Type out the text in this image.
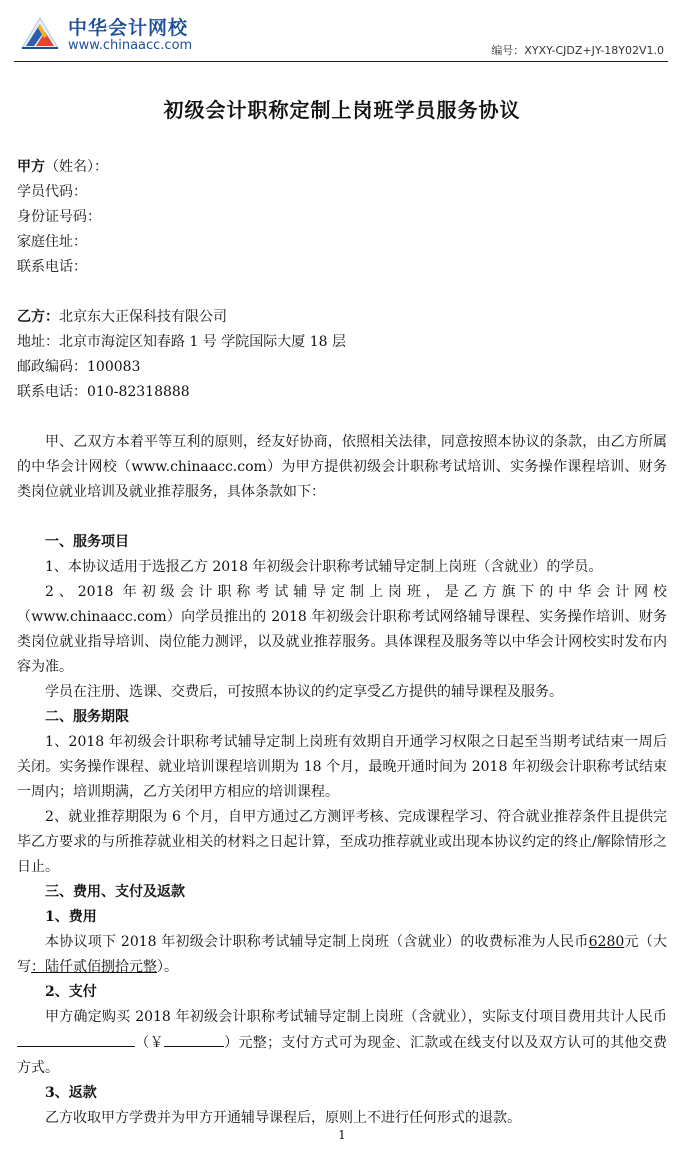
中华会计网校
www.chinaacc.com	编号：XYXY-CJDZ+JY-18Y02V1.0
初级会计职称定制上岗班学员服务协议
甲方（姓名）：
学员代码：
身份证号码：
家庭住址：
联系电话：
乙方：北京东大正保科技有限公司
地址：北京市海淀区知春路 1 号 学院国际大厦 18 层
邮政编码：100083
联系电话：010-82318888
甲、乙双方本着平等互利的原则，经友好协商，依照相关法律，同意按照本协议的条款，由乙方所属的中华会计网校（www.chinaacc.com）为甲方提供初级会计职称考试培训、实务操作课程培训、财务类岗位就业培训及就业推荐服务，具体条款如下：
一、服务项目
1、本协议适用于选报乙方 2018 年初级会计职称考试辅导定制上岗班（含就业）的学员。
2、2018 年初级会计职称考试辅导定制上岗班，是乙方旗下的中华会计网校（www.chinaacc.com）向学员推出的 2018 年初级会计职称考试网络辅导课程、实务操作培训、财务类岗位就业指导培训、岗位能力测评，以及就业推荐服务。具体课程及服务等以中华会计网校实时发布内容为准。
学员在注册、选课、交费后，可按照本协议的约定享受乙方提供的辅导课程及服务。
二、服务期限
1、2018 年初级会计职称考试辅导定制上岗班有效期自开通学习权限之日起至当期考试结束一周后关闭。实务操作课程、就业培训课程培训期为 18 个月，最晚开通时间为 2018 年初级会计职称考试结束一周内；培训期满，乙方关闭甲方相应的培训课程。
2、就业推荐期限为 6 个月，自甲方通过乙方测评考核、完成课程学习、符合就业推荐条件且提供完毕乙方要求的与所推荐就业相关的材料之日起计算，至成功推荐就业或出现本协议约定的终止/解除情形之日止。
三、费用、支付及返款
1、费用
本协议项下 2018 年初级会计职称考试辅导定制上岗班（含就业）的收费标准为人民币6280元（大写：陆仟贰佰捌拾元整）。
2、支付
甲方确定购买 2018 年初级会计职称考试辅导定制上岗班（含就业），实际支付项目费用共计人民币（￥	）元整；支付方式可为现金、汇款或在线支付以及双方认可的其他交费方式。
3、返款
乙方收取甲方学费并为甲方开通辅导课程后，原则上不进行任何形式的退款。
1
